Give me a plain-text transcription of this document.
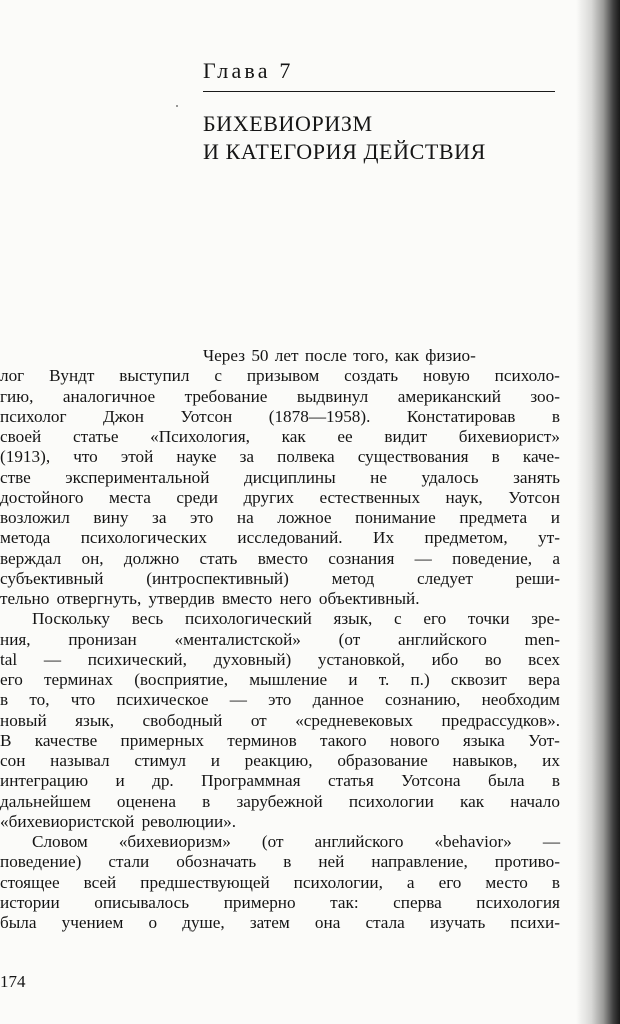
Глава 7
БИХЕВИОРИЗМ
И КАТЕГОРИЯ ДЕЙСТВИЯ
Через 50 лет после того, как физио-
лог Вундт выступил с призывом создать новую психоло-
гию, аналогичное требование выдвинул американский зоо-
психолог Джон Уотсон (1878—1958). Констатировав в
своей статье «Психология, как ее видит бихевиорист»
(1913), что этой науке за полвека существования в каче-
стве экспериментальной дисциплины не удалось занять
достойного места среди других естественных наук, Уотсон
возложил вину за это на ложное понимание предмета и
метода психологических исследований. Их предметом, ут-
верждал он, должно стать вместо сознания — поведение, а
субъективный (интроспективный) метод следует реши-
тельно отвергнуть, утвердив вместо него объективный.
Поскольку весь психологический язык, с его точки зре-
ния, пронизан «менталистской» (от английского men-
tal — психический, духовный) установкой, ибо во всех
его терминах (восприятие, мышление и т. п.) сквозит вера
в то, что психическое — это данное сознанию, необходим
новый язык, свободный от «средневековых предрассудков».
В качестве примерных терминов такого нового языка Уот-
сон называл стимул и реакцию, образование навыков, их
интеграцию и др. Программная статья Уотсона была в
дальнейшем оценена в зарубежной психологии как начало
«бихевиористской революции».
Словом «бихевиоризм» (от английского «behavior» —
поведение) стали обозначать в ней направление, противо-
стоящее всей предшествующей психологии, а его место в
истории описывалось примерно так: сперва психология
была учением о душе, затем она стала изучать психи-
174
